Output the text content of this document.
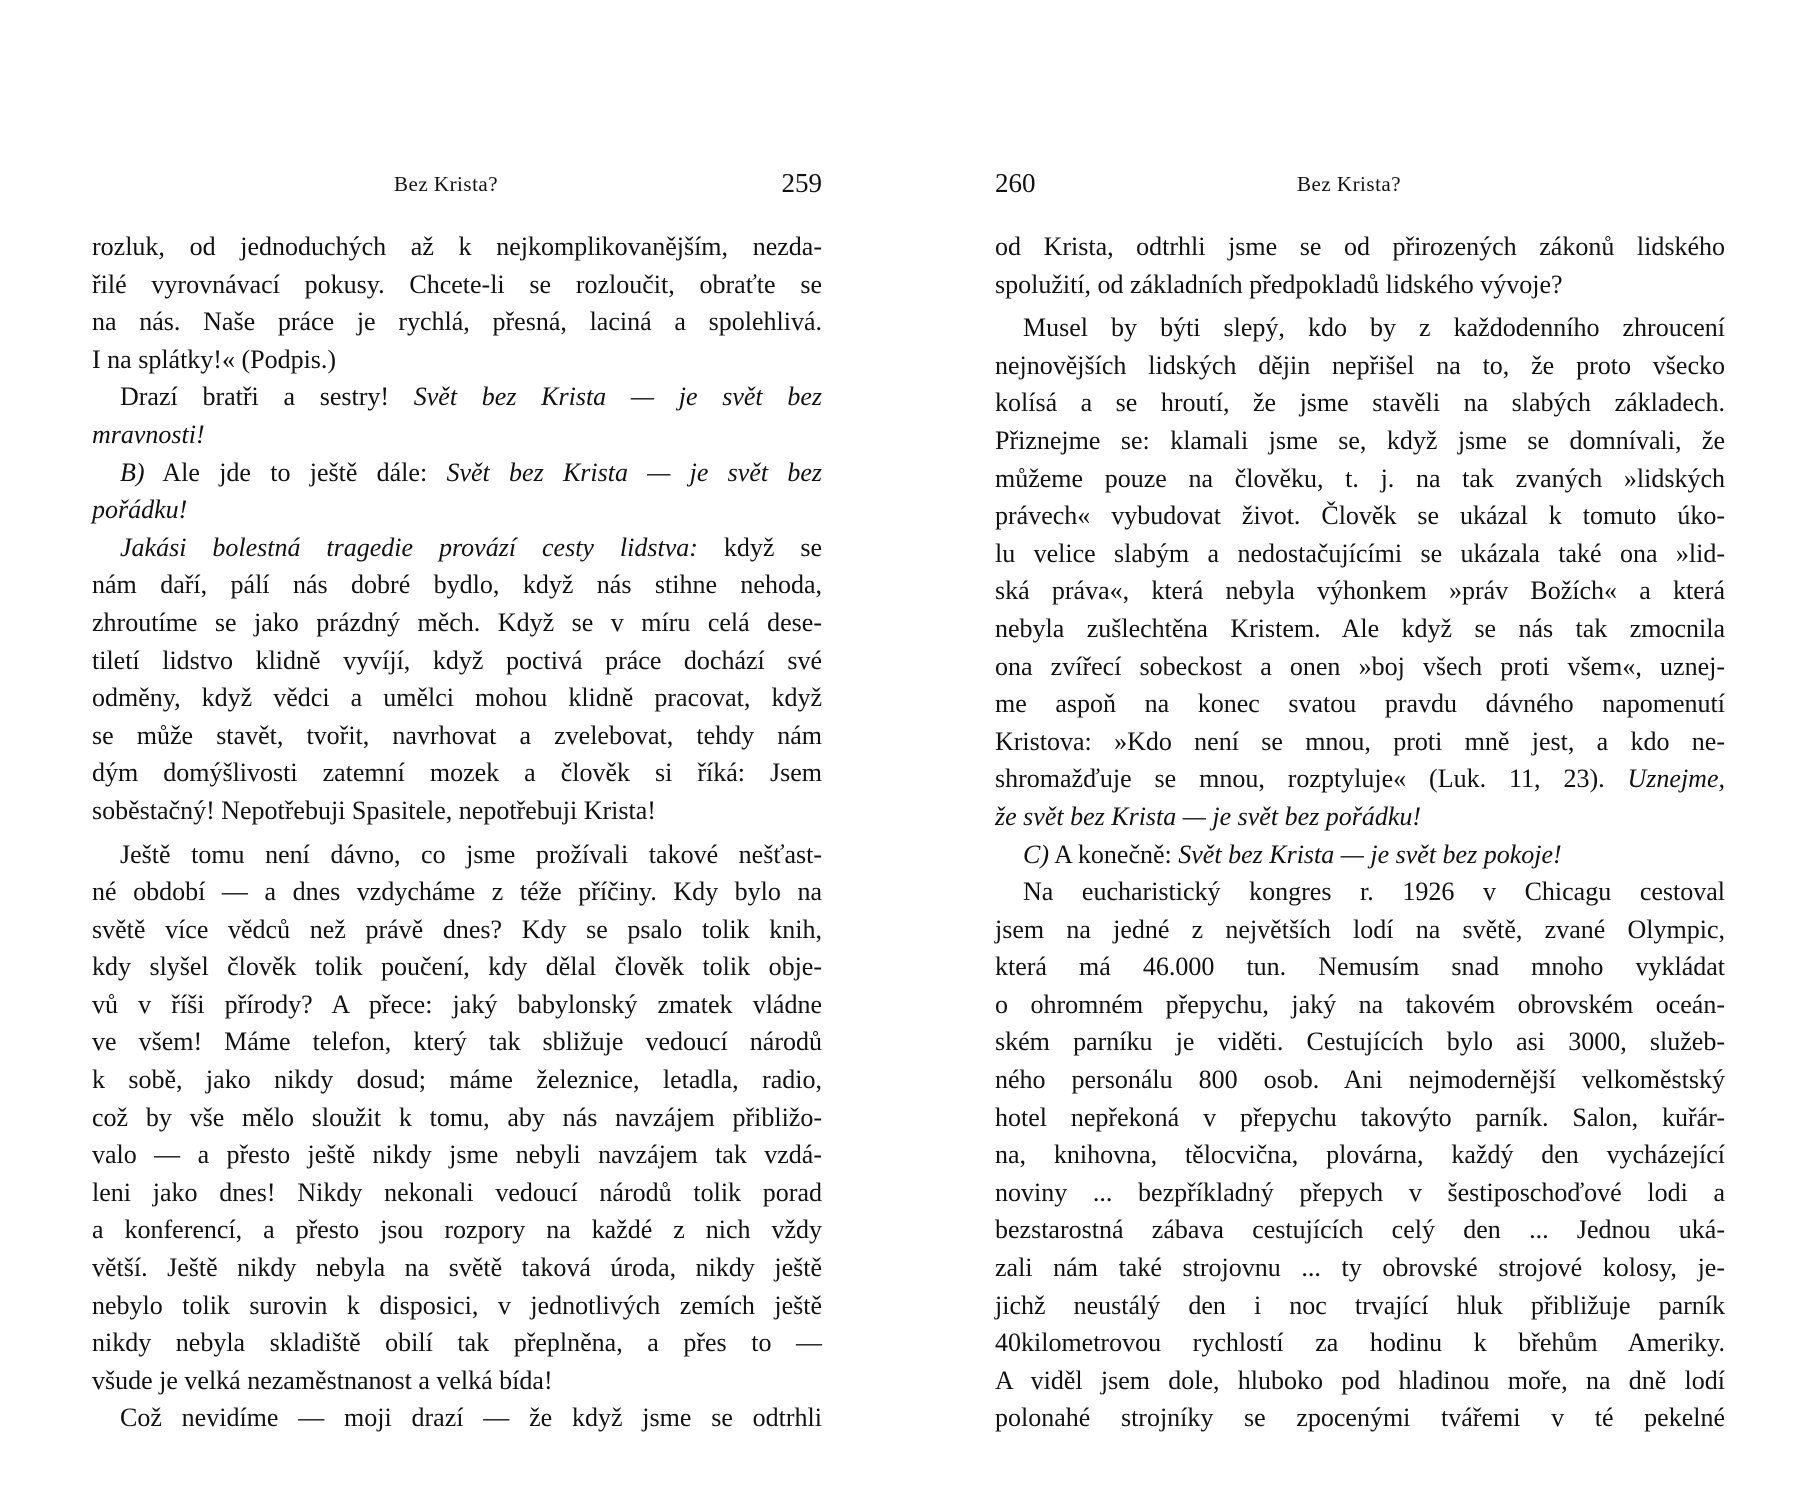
Bez Krista?	259
rozluk, od jednoduchých až k nejkomplikovanějším, nezda-
řilé vyrovnávací pokusy. Chcete-li se rozloučit, obraťte se
na nás. Naše práce je rychlá, přesná, laciná a spolehlivá.
I na splátky!« (Podpis.)
Drazí bratři a sestry! Svět bez Krista — je svět bez
mravnosti!
B) Ale jde to ještě dále: Svět bez Krista — je svět bez
pořádku!
Jakási bolestná tragedie provází cesty lidstva: když se
nám daří, pálí nás dobré bydlo, když nás stihne nehoda,
zhroutíme se jako prázdný měch. Když se v míru celá dese-
tiletí lidstvo klidně vyvíjí, když poctivá práce dochází své
odměny, když vědci a umělci mohou klidně pracovat, když
se může stavět, tvořit, navrhovat a zvelebovat, tehdy nám
dým domýšlivosti zatemní mozek a člověk si říká: Jsem
soběstačný! Nepotřebuji Spasitele, nepotřebuji Krista!
Ještě tomu není dávno, co jsme prožívali takové nešťast-
né období — a dnes vzdycháme z téže příčiny. Kdy bylo na
světě více vědců než právě dnes? Kdy se psalo tolik knih,
kdy slyšel člověk tolik poučení, kdy dělal člověk tolik obje-
vů v říši přírody? A přece: jaký babylonský zmatek vládne
ve všem! Máme telefon, který tak sbližuje vedoucí národů
k sobě, jako nikdy dosud; máme železnice, letadla, radio,
což by vše mělo sloužit k tomu, aby nás navzájem přibližo-
valo — a přesto ještě nikdy jsme nebyli navzájem tak vzdá-
leni jako dnes! Nikdy nekonali vedoucí národů tolik porad
a konferencí, a přesto jsou rozpory na každé z nich vždy
větší. Ještě nikdy nebyla na světě taková úroda, nikdy ještě
nebylo tolik surovin k disposici, v jednotlivých zemích ještě
nikdy nebyla skladiště obilí tak přeplněna, a přes to —
všude je velká nezaměstnanost a velká bída!
Což nevidíme — moji drazí — že když jsme se odtrhli
260	Bez Krista?
od Krista, odtrhli jsme se od přirozených zákonů lidského
spolužití, od základních předpokladů lidského vývoje?
Musel by býti slepý, kdo by z každodenního zhroucení
nejnovějších lidských dějin nepřišel na to, že proto všecko
kolísá a se hroutí, že jsme stavěli na slabých základech.
Přiznejme se: klamali jsme se, když jsme se domnívali, že
můžeme pouze na člověku, t. j. na tak zvaných »lidských
právech« vybudovat život. Člověk se ukázal k tomuto úko-
lu velice slabým a nedostačujícími se ukázala také ona »lid-
ská práva«, která nebyla výhonkem »práv Božích« a která
nebyla zušlechtěna Kristem. Ale když se nás tak zmocnila
ona zvířecí sobeckost a onen »boj všech proti všem«, uznej-
me aspoň na konec svatou pravdu dávného napomenutí
Kristova: »Kdo není se mnou, proti mně jest, a kdo ne-
shromažďuje se mnou, rozptyluje« (Luk. 11, 23). Uznejme,
že svět bez Krista — je svět bez pořádku!
C) A konečně: Svět bez Krista — je svět bez pokoje!
Na eucharistický kongres r. 1926 v Chicagu cestoval
jsem na jedné z největších lodí na světě, zvané Olympic,
která má 46.000 tun. Nemusím snad mnoho vykládat
o ohromném přepychu, jaký na takovém obrovském oceán-
ském parníku je viděti. Cestujících bylo asi 3000, služeb-
ného personálu 800 osob. Ani nejmodernější velkoměstský
hotel nepřekoná v přepychu takovýto parník. Salon, kuřár-
na, knihovna, tělocvična, plovárna, každý den vycházející
noviny ... bezpříkladný přepych v šestiposchoďové lodi a
bezstarostná zábava cestujících celý den ... Jednou uká-
zali nám také strojovnu ... ty obrovské strojové kolosy, je-
jichž neustálý den i noc trvající hluk přibližuje parník
40kilometrovou rychlostí za hodinu k břehům Ameriky.
A viděl jsem dole, hluboko pod hladinou moře, na dně lodí
polonahé strojníky se zpocenými tvářemi v té pekelné
